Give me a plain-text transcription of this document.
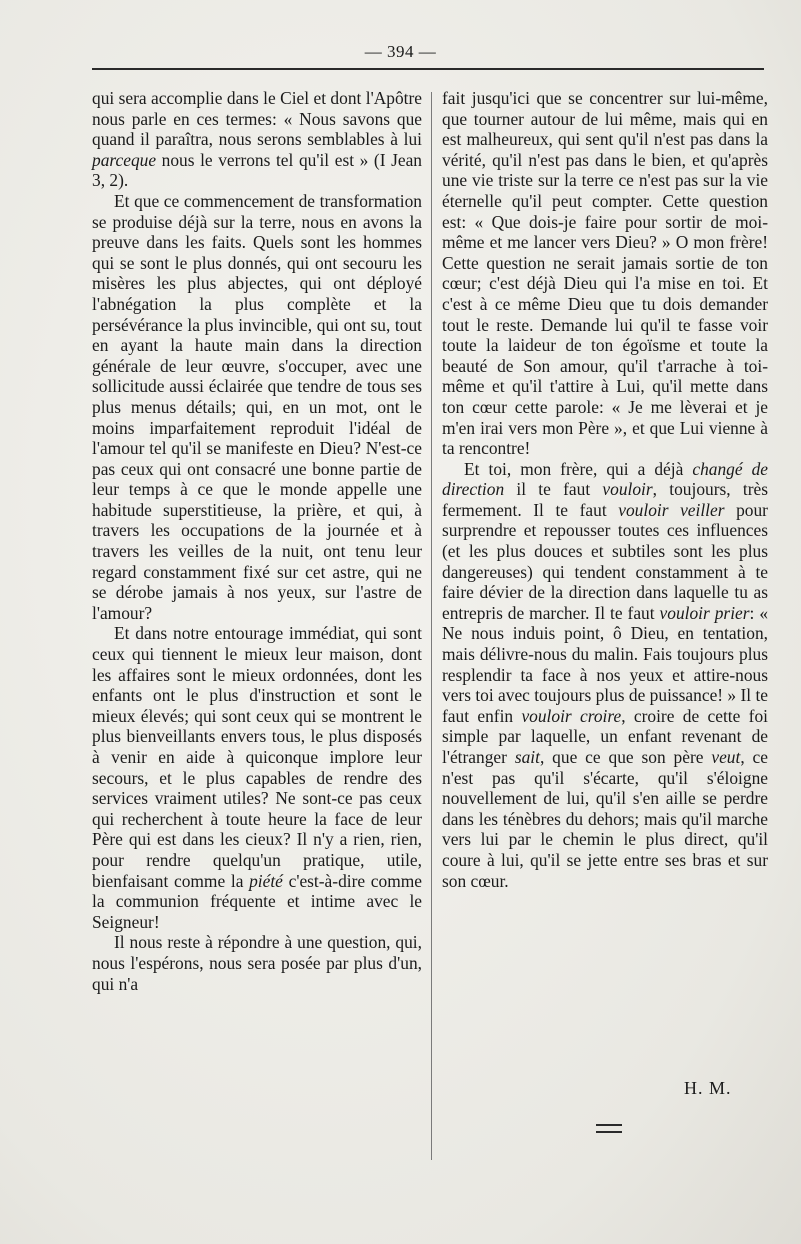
— 394 —

qui sera accomplie dans le Ciel et dont l'Apôtre nous parle en ces termes: « Nous savons que quand il paraîtra, nous serons semblables à lui parceque nous le verrons tel qu'il est » (I Jean 3, 2).

Et que ce commencement de transformation se produise déjà sur la terre, nous en avons la preuve dans les faits. Quels sont les hommes qui se sont le plus donnés, qui ont secouru les misères les plus abjectes, qui ont déployé l'abnégation la plus complète et la persévérance la plus invincible, qui ont su, tout en ayant la haute main dans la direction générale de leur œuvre, s'occuper, avec une sollicitude aussi éclairée que tendre de tous ses plus menus détails; qui, en un mot, ont le moins imparfaitement reproduit l'idéal de l'amour tel qu'il se manifeste en Dieu? N'est-ce pas ceux qui ont consacré une bonne partie de leur temps à ce que le monde appelle une habitude superstitieuse, la prière, et qui, à travers les occupations de la journée et à travers les veilles de la nuit, ont tenu leur regard constamment fixé sur cet astre, qui ne se dérobe jamais à nos yeux, sur l'astre de l'amour?

Et dans notre entourage immédiat, qui sont ceux qui tiennent le mieux leur maison, dont les affaires sont le mieux ordonnées, dont les enfants ont le plus d'instruction et sont le mieux élevés; qui sont ceux qui se montrent le plus bienveillants envers tous, le plus disposés à venir en aide à quiconque implore leur secours, et le plus capables de rendre des services vraiment utiles? Ne sont-ce pas ceux qui recherchent à toute heure la face de leur Père qui est dans les cieux? Il n'y a rien, rien, pour rendre quelqu'un pratique, utile, bienfaisant comme la piété c'est-à-dire comme la communion fréquente et intime avec le Seigneur!

Il nous reste à répondre à une question, qui, nous l'espérons, nous sera posée par plus d'un, qui n'a

fait jusqu'ici que se concentrer sur lui-même, que tourner autour de lui même, mais qui en est malheureux, qui sent qu'il n'est pas dans la vérité, qu'il n'est pas dans le bien, et qu'après une vie triste sur la terre ce n'est pas sur la vie éternelle qu'il peut compter. Cette question est: « Que dois-je faire pour sortir de moi-même et me lancer vers Dieu? » O mon frère! Cette question ne serait jamais sortie de ton cœur; c'est déjà Dieu qui l'a mise en toi. Et c'est à ce même Dieu que tu dois demander tout le reste. Demande lui qu'il te fasse voir toute la laideur de ton égoïsme et toute la beauté de Son amour, qu'il t'arrache à toi-même et qu'il t'attire à Lui, qu'il mette dans ton cœur cette parole: « Je me lèverai et je m'en irai vers mon Père », et que Lui vienne à ta rencontre!

Et toi, mon frère, qui a déjà changé de direction il te faut vouloir, toujours, très fermement. Il te faut vouloir veiller pour surprendre et repousser toutes ces influences (et les plus douces et subtiles sont les plus dangereuses) qui tendent constamment à te faire dévier de la direction dans laquelle tu as entrepris de marcher. Il te faut vouloir prier: « Ne nous induis point, ô Dieu, en tentation, mais délivre-nous du malin. Fais toujours plus resplendir ta face à nos yeux et attire-nous vers toi avec toujours plus de puissance! » Il te faut enfin vouloir croire, croire de cette foi simple par laquelle, un enfant revenant de l'étranger sait, que ce que son père veut, ce n'est pas qu'il s'écarte, qu'il s'éloigne nouvellement de lui, qu'il s'en aille se perdre dans les ténèbres du dehors; mais qu'il marche vers lui par le chemin le plus direct, qu'il coure à lui, qu'il se jette entre ses bras et sur son cœur.

H. M.
